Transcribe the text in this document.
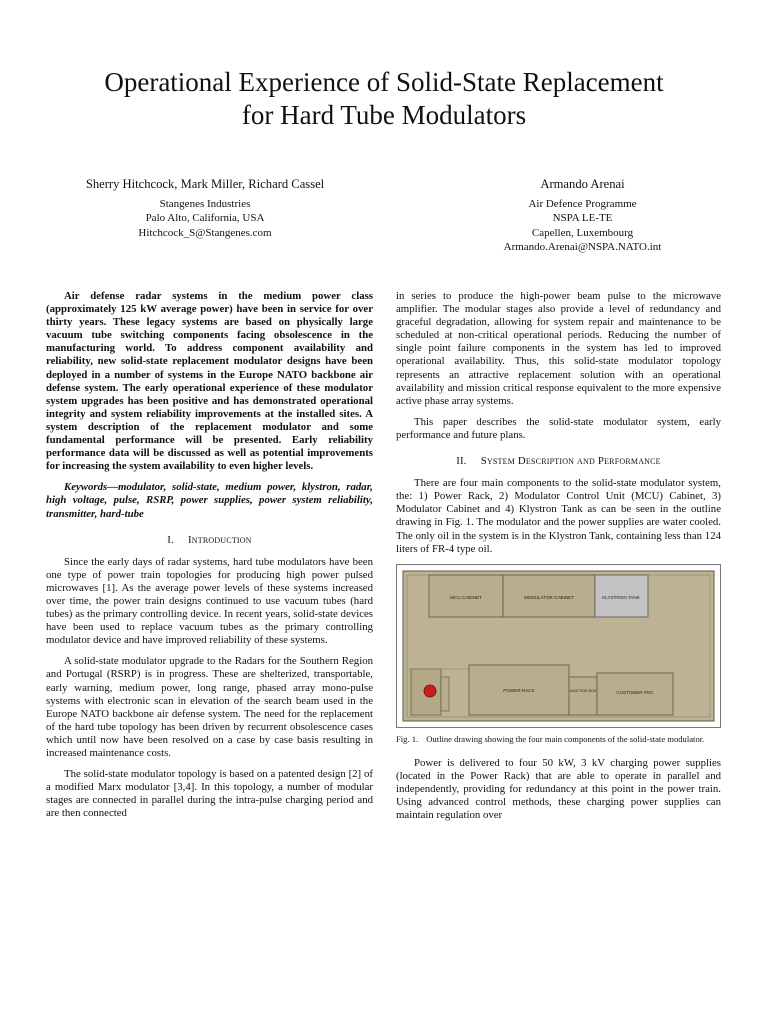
Operational Experience of Solid-State Replacement
for Hard Tube Modulators
Sherry Hitchcock, Mark Miller, Richard Cassel
Stangenes Industries
Palo Alto, California, USA
Hitchcock_S@Stangenes.com
Armando Arenai
Air Defence Programme
NSPA LE-TE
Capellen, Luxembourg
Armando.Arenai@NSPA.NATO.int

Air defense radar systems in the medium power class (approximately 125 kW average power) have been in service for over thirty years. These legacy systems are based on physically large vacuum tube switching components facing obsolescence in the manufacturing world. To address component availability and reliability, new solid-state replacement modulator designs have been deployed in a number of systems in the Europe NATO backbone air defense system. The early operational experience of these modulator system upgrades has been positive and has demonstrated operational integrity and system reliability improvements at the installed sites. A system description of the replacement modulator and some fundamental performance will be presented. Early reliability performance data will be discussed as well as potential improvements for increasing the system availability to even higher levels.

Keywords—modulator, solid-state, medium power, klystron, radar, high voltage, pulse, RSRP, power supplies, power system reliability, transmitter, hard-tube

I. Introduction

Since the early days of radar systems, hard tube modulators have been one type of power train topologies for producing high power pulsed microwaves [1]. As the average power levels of these systems increased over time, the power train designs continued to use vacuum tubes (hard tubes) as the primary controlling device. In recent years, solid-state devices have been used to replace vacuum tubes as the primary controlling modulator device and have improved reliability of these systems.

A solid-state modulator upgrade to the Radars for the Southern Region and Portugal (RSRP) is in progress. These are shelterized, transportable, early warning, medium power, long range, phased array mono-pulse systems with electronic scan in elevation of the search beam used in the Europe NATO backbone air defense system. The need for the replacement of the hard tube topology has been driven by recurrent obsolescence cases which until now have been resolved on a case by case basis resulting in increased maintenance costs.

The solid-state modulator topology is based on a patented design [2] of a modified Marx modulator [3,4]. In this topology, a number of modular stages are connected in parallel during the intra-pulse charging period and are then connected

in series to produce the high-power beam pulse to the microwave amplifier. The modular stages also provide a level of redundancy and graceful degradation, allowing for system repair and maintenance to be scheduled at non-critical operational periods. Reducing the number of single point failure components in the system has led to improved operational availability. Thus, this solid-state modulator topology represents an attractive replacement solution with an operational availability and mission critical response equivalent to the more expensive active phase array systems.

This paper describes the solid-state modulator system, early performance and future plans.

II. System Description and Performance

There are four main components to the solid-state modulator system, the: 1) Power Rack, 2) Modulator Control Unit (MCU) Cabinet, 3) Modulator Cabinet and 4) Klystron Tank as can be seen in the outline drawing in Fig. 1. The modulator and the power supplies are water cooled. The only oil in the system is in the Klystron Tank, containing less than 124 liters of FR-4 type oil.

MCU CABINET	MODULATOR CABINET	KLYSTRON TANK
POWER RACK	JUNCTION BOX	CUSTOMER PDC
Fig. 1. Outline drawing showing the four main components of the solid-state modulator.

Power is delivered to four 50 kW, 3 kV charging power supplies (located in the Power Rack) that are able to operate in parallel and independently, providing for redundancy at this point in the power train. Using advanced control methods, these charging power supplies can maintain regulation over
